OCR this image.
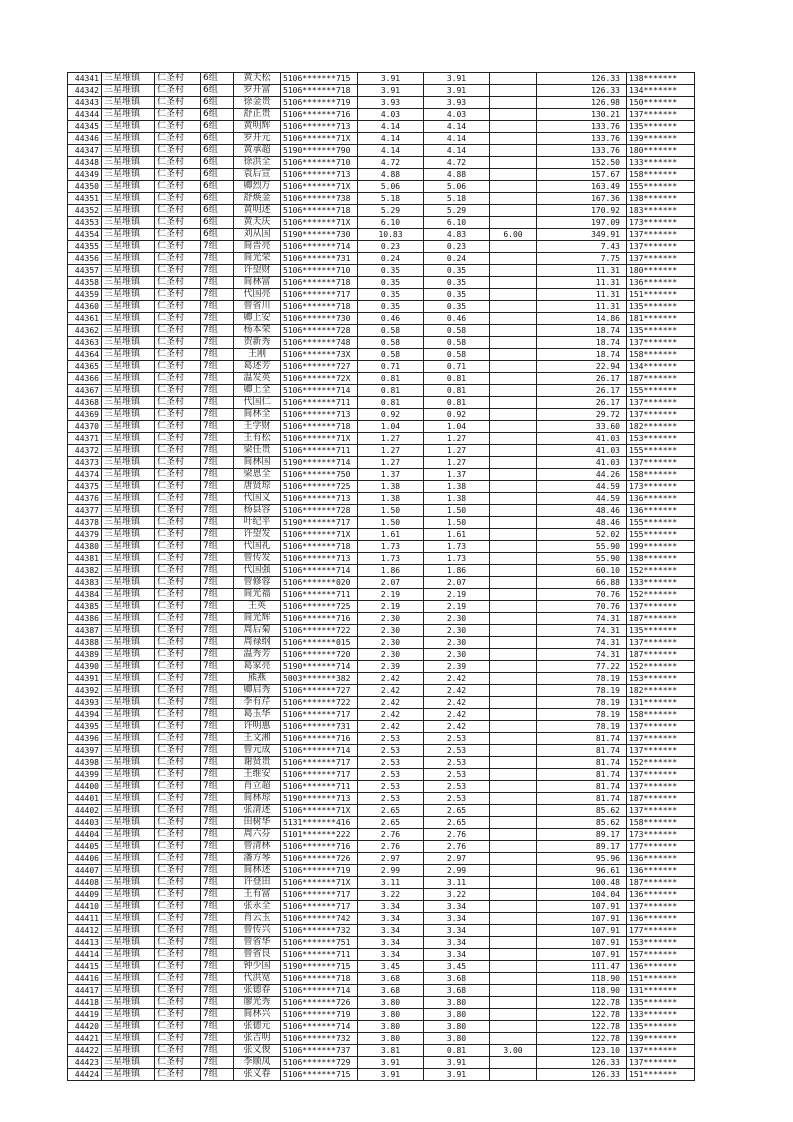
44341	三星堆镇	仁圣村	6组	黄天松	5106*******715	3.91	3.91		126.33	138*******
44342	三星堆镇	仁圣村	6组	罗开富	5106*******718	3.91	3.91		126.33	134*******
44343	三星堆镇	仁圣村	6组	徐金贵	5106*******719	3.93	3.93		126.98	150*******
44344	三星堆镇	仁圣村	6组	舒正贵	5106*******716	4.03	4.03		130.21	137*******
44345	三星堆镇	仁圣村	6组	黄明辉	5106*******713	4.14	4.14		133.76	135*******
44346	三星堆镇	仁圣村	6组	罗开元	5106*******71X	4.14	4.14		133.76	139*******
44347	三星堆镇	仁圣村	6组	黄承超	5190*******790	4.14	4.14		133.76	180*******
44348	三星堆镇	仁圣村	6组	徐洪全	5106*******710	4.72	4.72		152.50	133*******
44349	三星堆镇	仁圣村	6组	袁后宣	5106*******713	4.88	4.88		157.67	158*******
44350	三星堆镇	仁圣村	6组	卿烈万	5106*******71X	5.06	5.06		163.49	155*******
44351	三星堆镇	仁圣村	6组	舒焕金	5106*******738	5.18	5.18		167.36	138*******
44352	三星堆镇	仁圣村	6组	黄明述	5106*******718	5.29	5.29		170.92	183*******
44353	三星堆镇	仁圣村	6组	黄天庆	5106*******71X	6.10	6.10		197.09	173*******
44354	三星堆镇	仁圣村	6组	刘从国	5190*******730	10.83	4.83	6.00	349.91	137*******
44355	三星堆镇	仁圣村	7组	简晋亮	5106*******714	0.23	0.23		7.43	137*******
44356	三星堆镇	仁圣村	7组	简光荣	5106*******731	0.24	0.24		7.75	137*******
44357	三星堆镇	仁圣村	7组	许望财	5106*******710	0.35	0.35		11.31	180*******
44358	三星堆镇	仁圣村	7组	简林富	5106*******718	0.35	0.35		11.31	136*******
44359	三星堆镇	仁圣村	7组	代国亮	5106*******717	0.35	0.35		11.31	151*******
44360	三星堆镇	仁圣村	7组	曾省川	5106*******718	0.35	0.35		11.31	135*******
44361	三星堆镇	仁圣村	7组	卿上安	5106*******730	0.46	0.46		14.86	181*******
44362	三星堆镇	仁圣村	7组	杨本荣	5106*******728	0.58	0.58		18.74	135*******
44363	三星堆镇	仁圣村	7组	贺新秀	5106*******748	0.58	0.58		18.74	137*******
44364	三星堆镇	仁圣村	7组	王刚	5106*******73X	0.58	0.58		18.74	158*******
44365	三星堆镇	仁圣村	7组	葛述芳	5106*******727	0.71	0.71		22.94	134*******
44366	三星堆镇	仁圣村	7组	温发英	5106*******72X	0.81	0.81		26.17	187*******
44367	三星堆镇	仁圣村	7组	卿上全	5106*******714	0.81	0.81		26.17	155*******
44368	三星堆镇	仁圣村	7组	代国仁	5106*******711	0.81	0.81		26.17	137*******
44369	三星堆镇	仁圣村	7组	简林全	5106*******713	0.92	0.92		29.72	137*******
44370	三星堆镇	仁圣村	7组	王学财	5106*******718	1.04	1.04		33.60	182*******
44371	三星堆镇	仁圣村	7组	王有松	5106*******71X	1.27	1.27		41.03	153*******
44372	三星堆镇	仁圣村	7组	梁任贵	5106*******711	1.27	1.27		41.03	155*******
44373	三星堆镇	仁圣村	7组	简林国	5190*******714	1.27	1.27		41.03	137*******
44374	三星堆镇	仁圣村	7组	梁恩全	5106*******750	1.37	1.37		44.26	158*******
44375	三星堆镇	仁圣村	7组	唐贤琼	5106*******725	1.38	1.38		44.59	173*******
44376	三星堆镇	仁圣村	7组	代国义	5106*******713	1.38	1.38		44.59	136*******
44377	三星堆镇	仁圣村	7组	杨县容	5106*******728	1.50	1.50		48.46	136*******
44378	三星堆镇	仁圣村	7组	叶纪平	5190*******717	1.50	1.50		48.46	155*******
44379	三星堆镇	仁圣村	7组	许望发	5106*******71X	1.61	1.61		52.02	155*******
44380	三星堆镇	仁圣村	7组	代国礼	5106*******718	1.73	1.73		55.90	199*******
44381	三星堆镇	仁圣村	7组	曾传发	5106*******713	1.73	1.73		55.90	138*******
44382	三星堆镇	仁圣村	7组	代国强	5106*******714	1.86	1.86		60.10	152*******
44383	三星堆镇	仁圣村	7组	曾修蓉	5106*******020	2.07	2.07		66.88	133*******
44384	三星堆镇	仁圣村	7组	简光福	5106*******711	2.19	2.19		70.76	152*******
44385	三星堆镇	仁圣村	7组	王英	5106*******725	2.19	2.19		70.76	137*******
44386	三星堆镇	仁圣村	7组	简光辉	5106*******716	2.30	2.30		74.31	187*******
44387	三星堆镇	仁圣村	7组	周后菊	5106*******722	2.30	2.30		74.31	135*******
44388	三星堆镇	仁圣村	7组	周禄纲	5106*******015	2.30	2.30		74.31	137*******
44389	三星堆镇	仁圣村	7组	温秀芳	5106*******720	2.30	2.30		74.31	187*******
44390	三星堆镇	仁圣村	7组	葛家亮	5190*******714	2.39	2.39		77.22	152*******
44391	三星堆镇	仁圣村	7组	熊燕	5003*******382	2.42	2.42		78.19	153*******
44392	三星堆镇	仁圣村	7组	卿启秀	5106*******727	2.42	2.42		78.19	182*******
44393	三星堆镇	仁圣村	7组	李有芹	5106*******722	2.42	2.42		78.19	131*******
44394	三星堆镇	仁圣村	7组	葛玉华	5106*******717	2.42	2.42		78.19	158*******
44395	三星堆镇	仁圣村	7组	许明惠	5106*******731	2.42	2.42		78.19	137*******
44396	三星堆镇	仁圣村	7组	王文湘	5106*******716	2.53	2.53		81.74	137*******
44397	三星堆镇	仁圣村	7组	曾元成	5106*******714	2.53	2.53		81.74	137*******
44398	三星堆镇	仁圣村	7组	谢贤贵	5106*******717	2.53	2.53		81.74	152*******
44399	三星堆镇	仁圣村	7组	王维安	5106*******717	2.53	2.53		81.74	137*******
44400	三星堆镇	仁圣村	7组	肖立超	5106*******711	2.53	2.53		81.74	137*******
44401	三星堆镇	仁圣村	7组	简林琼	5190*******713	2.53	2.53		81.74	187*******
44402	三星堆镇	仁圣村	7组	张清述	5106*******71X	2.65	2.65		85.62	137*******
44403	三星堆镇	仁圣村	7组	田树华	5131*******416	2.65	2.65		85.62	158*******
44404	三星堆镇	仁圣村	7组	周六芬	5101*******222	2.76	2.76		89.17	173*******
44405	三星堆镇	仁圣村	7组	曾清林	5106*******716	2.76	2.76		89.17	177*******
44406	三星堆镇	仁圣村	7组	潘方琴	5106*******726	2.97	2.97		95.96	136*******
44407	三星堆镇	仁圣村	7组	简林述	5106*******719	2.99	2.99		96.61	136*******
44408	三星堆镇	仁圣村	7组	许登田	5106*******71X	3.11	3.11		100.48	187*******
44409	三星堆镇	仁圣村	7组	王有富	5106*******717	3.22	3.22		104.04	136*******
44410	三星堆镇	仁圣村	7组	张永全	5106*******717	3.34	3.34		107.91	137*******
44411	三星堆镇	仁圣村	7组	肖云玉	5106*******742	3.34	3.34		107.91	136*******
44412	三星堆镇	仁圣村	7组	曾传兴	5106*******732	3.34	3.34		107.91	177*******
44413	三星堆镇	仁圣村	7组	曾省华	5106*******751	3.34	3.34		107.91	153*******
44414	三星堆镇	仁圣村	7组	曾省良	5106*******711	3.34	3.34		107.91	157*******
44415	三星堆镇	仁圣村	7组	钟少国	5190*******715	3.45	3.45		111.47	136*******
44416	三星堆镇	仁圣村	7组	代洪宽	5106*******718	3.68	3.68		118.90	151*******
44417	三星堆镇	仁圣村	7组	张德春	5106*******714	3.68	3.68		118.90	131*******
44418	三星堆镇	仁圣村	7组	廖光秀	5106*******726	3.80	3.80		122.78	135*******
44419	三星堆镇	仁圣村	7组	简林兴	5106*******719	3.80	3.80		122.78	133*******
44420	三星堆镇	仁圣村	7组	张德元	5106*******714	3.80	3.80		122.78	135*******
44421	三星堆镇	仁圣村	7组	张吉明	5106*******732	3.80	3.80		122.78	139*******
44422	三星堆镇	仁圣村	7组	张义俊	5106*******737	3.81	0.81	3.00	123.10	137*******
44423	三星堆镇	仁圣村	7组	李顺凤	5106*******729	3.91	3.91		126.33	137*******
44424	三星堆镇	仁圣村	7组	张义春	5106*******715	3.91	3.91		126.33	151*******
